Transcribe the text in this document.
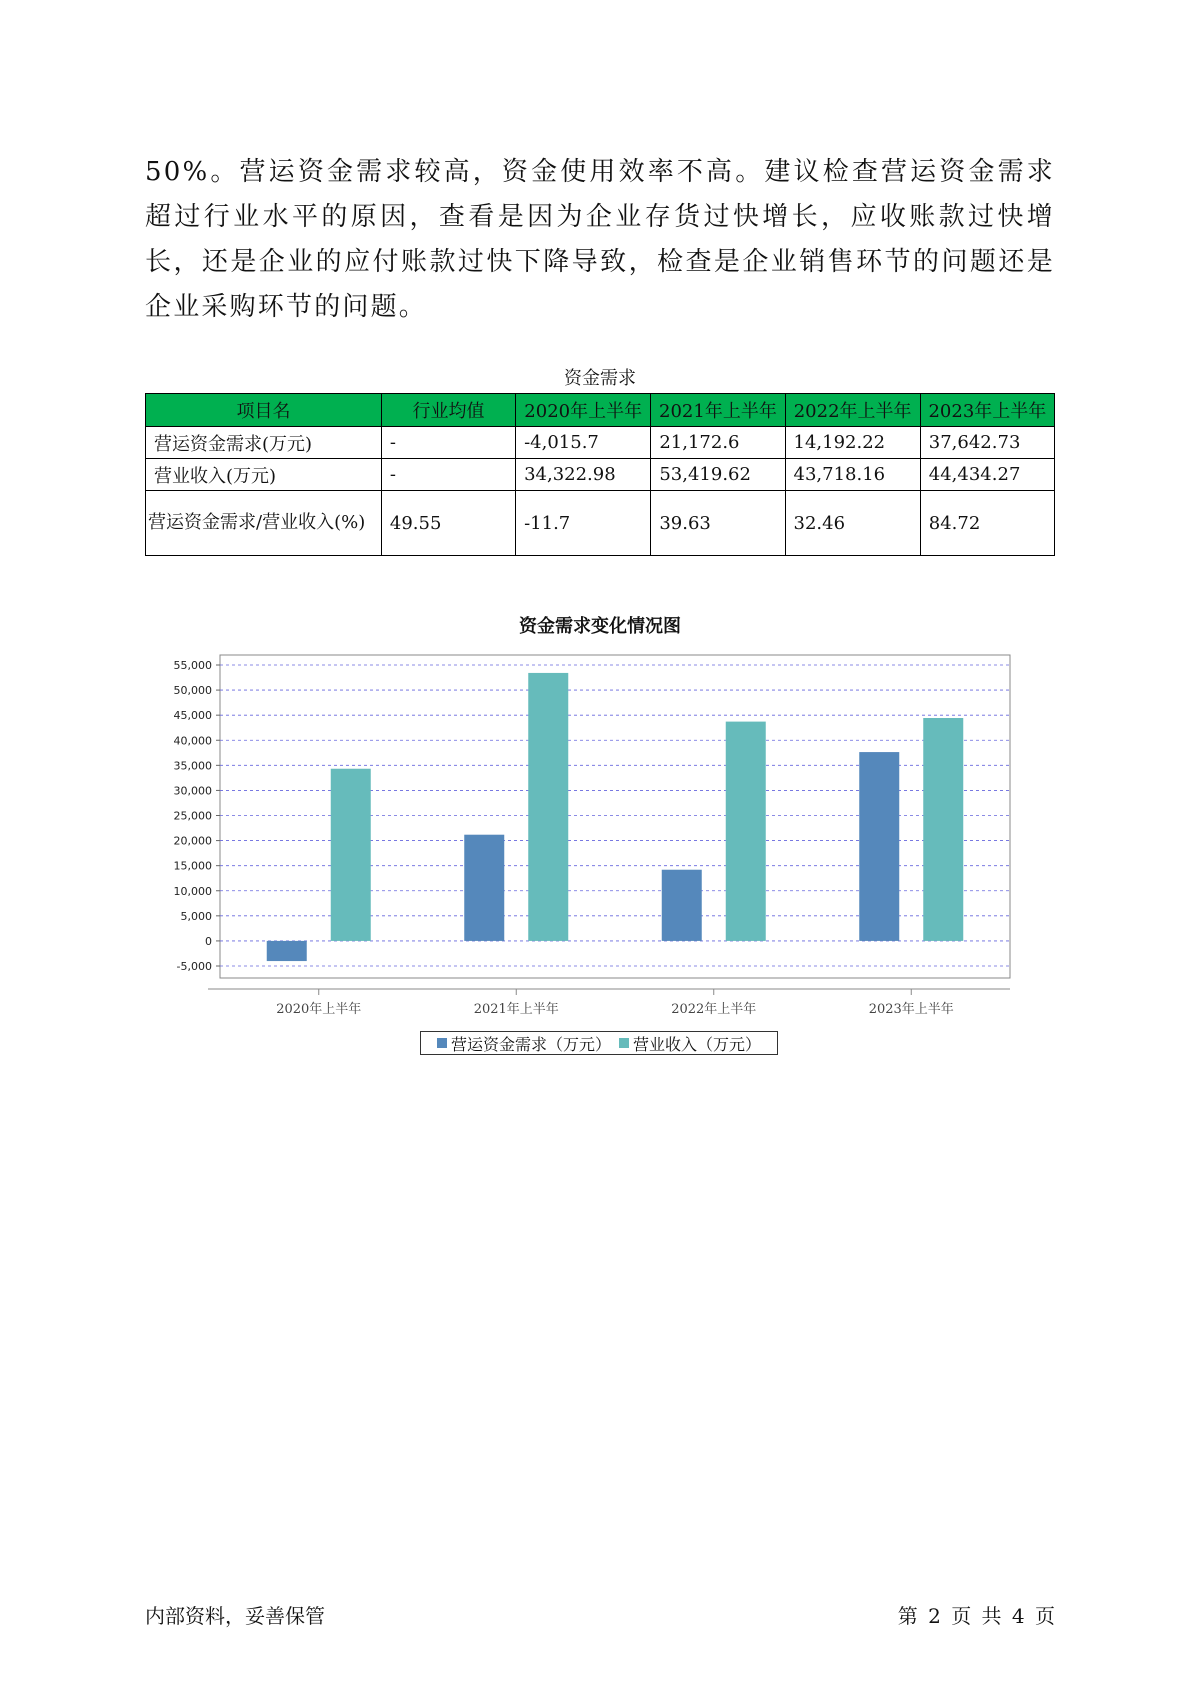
50%。营运资金需求较高，资金使用效率不高。建议检查营运资金需求超过行业水平的原因，查看是因为企业存货过快增长，应收账款过快增长，还是企业的应付账款过快下降导致，检查是企业销售环节的问题还是企业采购环节的问题。
资金需求
项目名	行业均值	2020年上半年	2021年上半年	2022年上半年	2023年上半年
营运资金需求(万元)	-	-4,015.7	21,172.6	14,192.22	37,642.73
营业收入(万元)	-	34,322.98	53,419.62	43,718.16	44,434.27
营运资金需求/营业收入(%)	49.55	-11.7	39.63	32.46	84.72
资金需求变化情况图
-5,000
0
5,000
10,000
15,000
20,000
25,000
30,000
35,000
40,000
45,000
50,000
55,000
2020年上半年	2021年上半年	2022年上半年	2023年上半年
营运资金需求（万元） 营业收入（万元）
内部资料，妥善保管	第 2 页 共 4 页
